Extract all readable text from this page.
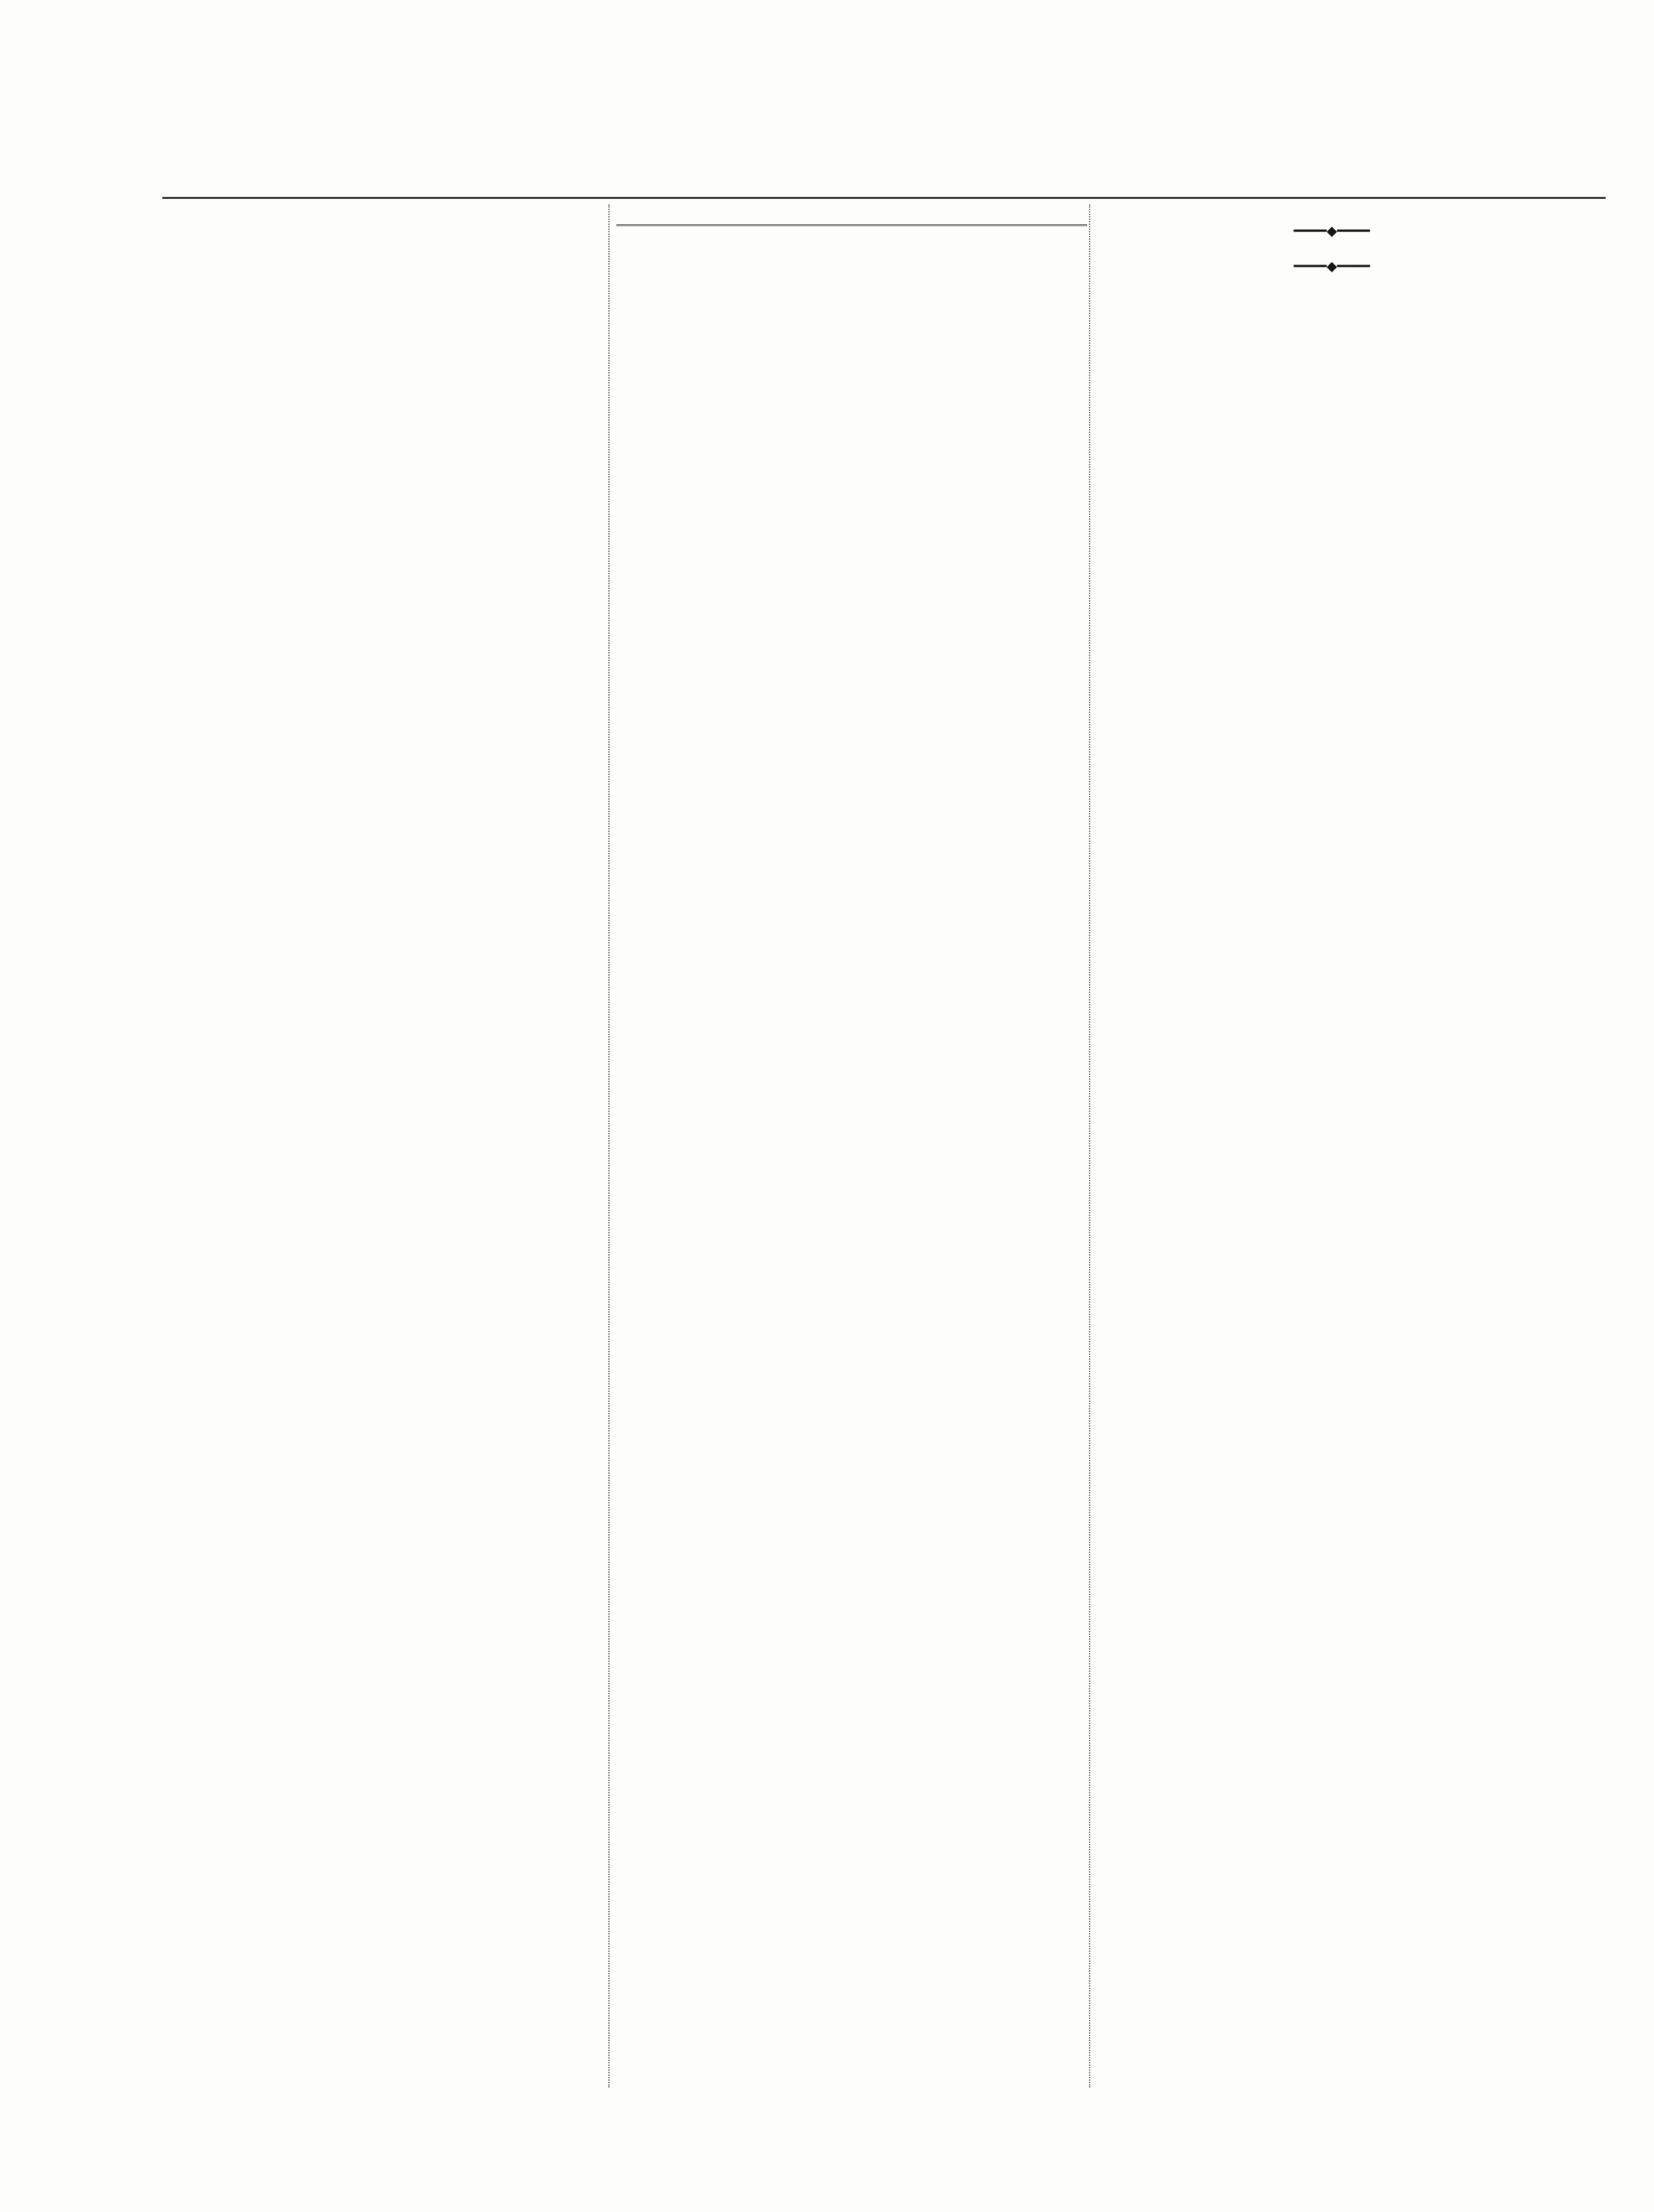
━━━━◆━━━━

━━━━◆━━━━
